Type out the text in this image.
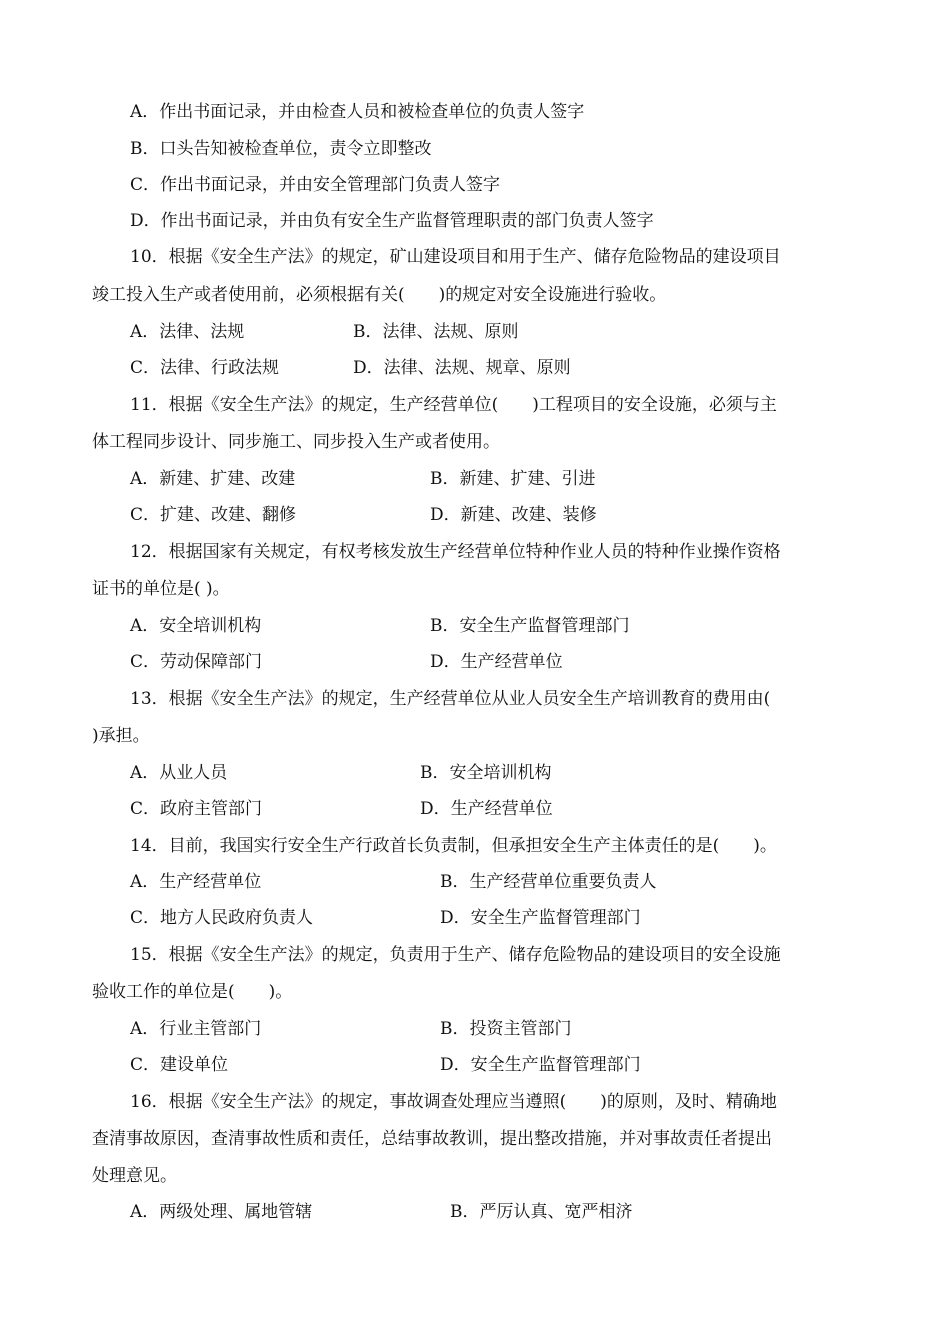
A．作出书面记录，并由检查人员和被检查单位的负责人签字
B．口头告知被检查单位，责令立即整改
C．作出书面记录，并由安全管理部门负责人签字
D．作出书面记录，并由负有安全生产监督管理职责的部门负责人签字
10．根据《安全生产法》的规定，矿山建设项目和用于生产、储存危险物品的建设项目
竣工投入生产或者使用前，必须根据有关(　　)的规定对安全设施进行验收。
A．法律、法规	B．法律、法规、原则
C．法律、行政法规	D．法律、法规、规章、原则
11．根据《安全生产法》的规定，生产经营单位(　　)工程项目的安全设施，必须与主
体工程同步设计、同步施工、同步投入生产或者使用。
A．新建、扩建、改建	B．新建、扩建、引进
C．扩建、改建、翻修	D．新建、改建、装修
12．根据国家有关规定，有权考核发放生产经营单位特种作业人员的特种作业操作资格
证书的单位是( )。
A．安全培训机构	B．安全生产监督管理部门
C．劳动保障部门	D．生产经营单位
13．根据《安全生产法》的规定，生产经营单位从业人员安全生产培训教育的费用由(
)承担。
A．从业人员	B．安全培训机构
C．政府主管部门	D．生产经营单位
14．目前，我国实行安全生产行政首长负责制，但承担安全生产主体责任的是(　　)。
A．生产经营单位	B．生产经营单位重要负责人
C．地方人民政府负责人	D．安全生产监督管理部门
15．根据《安全生产法》的规定，负责用于生产、储存危险物品的建设项目的安全设施
验收工作的单位是(　　)。
A．行业主管部门	B．投资主管部门
C．建设单位	D．安全生产监督管理部门
16．根据《安全生产法》的规定，事故调查处理应当遵照(　　)的原则，及时、精确地
查清事故原因，查清事故性质和责任，总结事故教训，提出整改措施，并对事故责任者提出
处理意见。
A．两级处理、属地管辖	B．严厉认真、宽严相济
